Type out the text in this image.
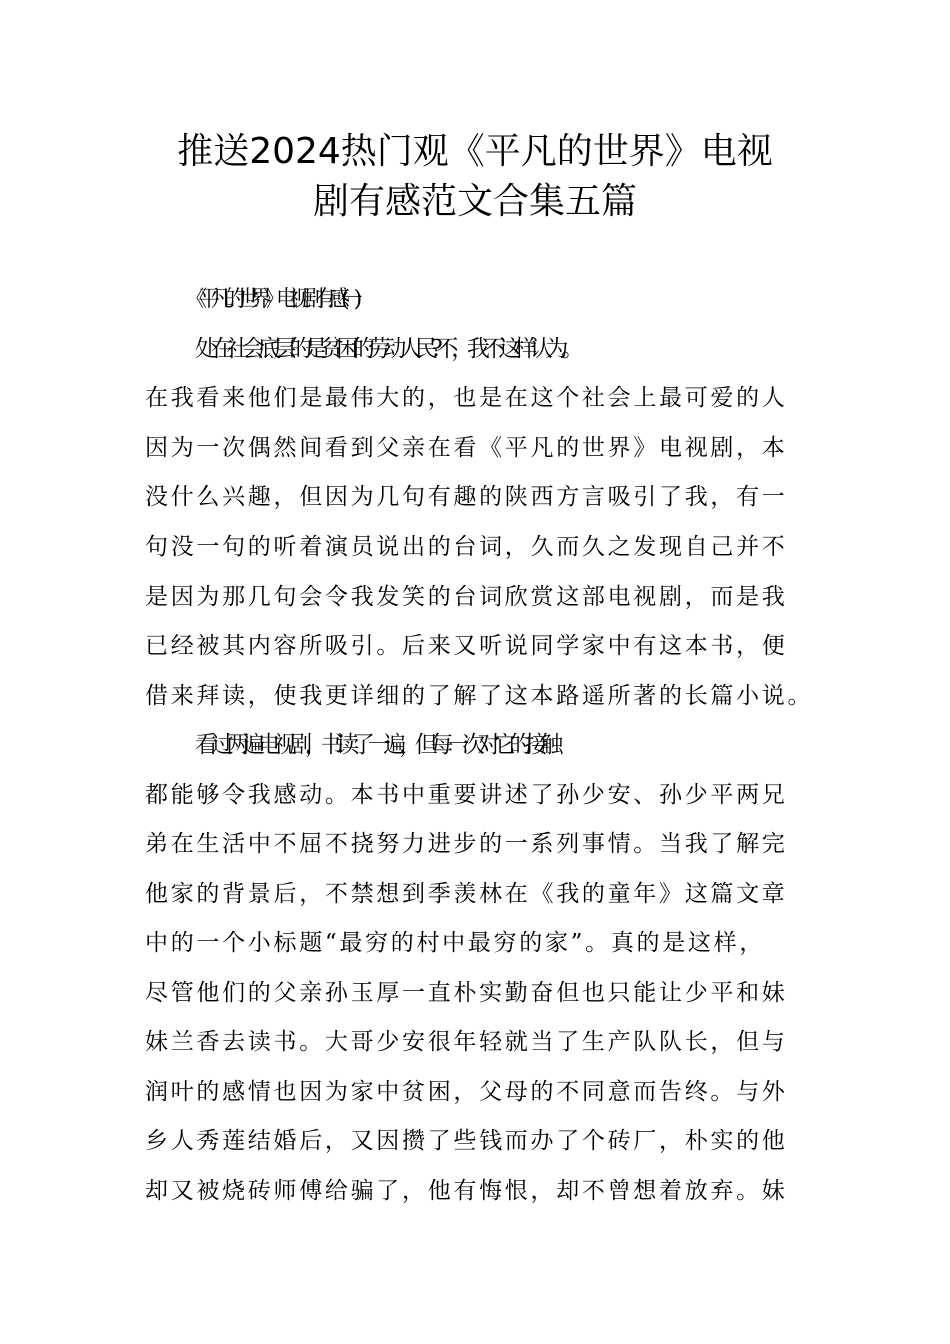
推送2024热门观《平凡的世界》电视
剧有感范文合集五篇

《平凡的世界》电视剧有感(一)

处在社会底层的是贫困的劳动人民?不，我不这样认为。

在我看来他们是最伟大的，也是在这个社会上最可爱的人

因为一次偶然间看到父亲在看《平凡的世界》电视剧，本

没什么兴趣，但因为几句有趣的陕西方言吸引了我，有一

句没一句的听着演员说出的台词，久而久之发现自己并不

是因为那几句会令我发笑的台词欣赏这部电视剧，而是我

已经被其内容所吸引。后来又听说同学家中有这本书，便

借来拜读，使我更详细的了解了这本路遥所著的长篇小说。

看过两遍电视剧，书读了一遍，但每一次对它的接触

都能够令我感动。本书中重要讲述了孙少安、孙少平两兄

弟在生活中不屈不挠努力进步的一系列事情。当我了解完

他家的背景后，不禁想到季羡林在《我的童年》这篇文章

中的一个小标题“最穷的村中最穷的家”。真的是这样，

尽管他们的父亲孙玉厚一直朴实勤奋但也只能让少平和妹

妹兰香去读书。大哥少安很年轻就当了生产队队长，但与

润叶的感情也因为家中贫困，父母的不同意而告终。与外

乡人秀莲结婚后，又因攒了些钱而办了个砖厂，朴实的他

却又被烧砖师傅给骗了，他有悔恨，却不曾想着放弃。妹
